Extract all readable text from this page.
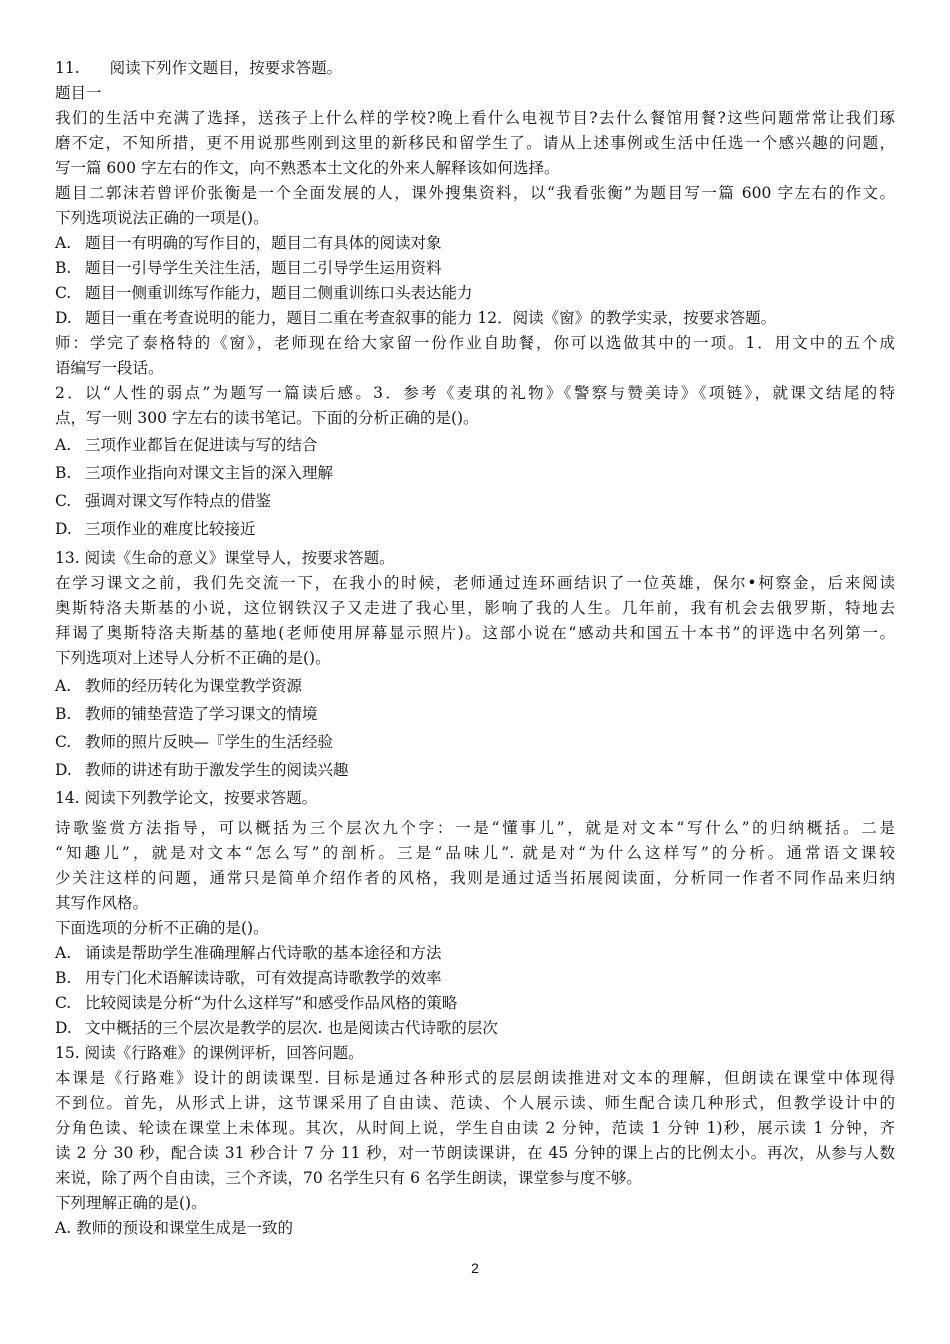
11. 阅读下列作文题目，按要求答题。
题目一
我们的生活中充满了选择，送孩子上什么样的学校?晚上看什么电视节目?去什么餐馆用餐?这些问题常常让我们琢
磨不定，不知所措，更不用说那些刚到这里的新移民和留学生了。请从上述事例或生活中任选一个感兴趣的问题，
写一篇 600 字左右的作文，向不熟悉本土文化的外来人解释该如何选择。
题目二郭沫若曾评价张衡是一个全面发展的人，课外搜集资料，以“我看张衡”为题目写一篇 600 字左右的作文。
下列选项说法正确的一项是()。
A. 题目一有明确的写作目的，题目二有具体的阅读对象
B. 题目一引导学生关注生活，题目二引导学生运用资料
C. 题目一侧重训练写作能力，题目二侧重训练口头表达能力
D. 题目一重在考查说明的能力，题目二重在考查叙事的能力 12．阅读《窗》的教学实录，按要求答题。
师：学完了泰格特的《窗》，老师现在给大家留一份作业自助餐，你可以选做其中的一项。1．用文中的五个成
语编写一段话。
2．以“人性的弱点”为题写一篇读后感。3．参考《麦琪的礼物》《警察与赞美诗》《项链》，就课文结尾的特
点，写一则 300 字左右的读书笔记。下面的分析正确的是()。
A. 三项作业都旨在促进读与写的结合
B. 三项作业指向对课文主旨的深入理解
C. 强调对课文写作特点的借鉴
D. 三项作业的难度比较接近
13. 阅读《生命的意义》课堂导人，按要求答题。
在学习课文之前，我们先交流一下，在我小的时候，老师通过连环画结识了一位英雄，保尔•柯察金，后来阅读
奥斯特洛夫斯基的小说，这位钢铁汉子又走进了我心里，影响了我的人生。几年前，我有机会去俄罗斯，特地去
拜谒了奥斯特洛夫斯基的墓地(老师使用屏幕显示照片)。这部小说在“感动共和国五十本书”的评选中名列第一。
下列选项对上述导人分析不正确的是()。
A. 教师的经历转化为课堂教学资源
B. 教师的铺垫营造了学习课文的情境
C. 教师的照片反映—『学生的生活经验
D. 教师的讲述有助于激发学生的阅读兴趣
14. 阅读下列教学论文，按要求答题。
诗歌鉴赏方法指导，可以概括为三个层次九个字：一是“懂事儿”，就是对文本“写什么”的归纳概括。二是
“知趣儿”，就是对文本“怎么写”的剖析。三是“品味儿”. 就是对“为什么这样写”的分析。通常语文课较
少关注这样的问题，通常只是简单介绍作者的风格，我则是通过适当拓展阅读面，分析同一作者不同作品来归纳
其写作风格。
下面选项的分析不正确的是()。
A. 诵读是帮助学生准确理解占代诗歌的基本途径和方法
B. 用专门化术语解读诗歌，可有效提高诗歌教学的效率
C. 比较阅读是分析“为什么这样写”和感受作品风格的策略
D. 文中概括的三个层次是教学的层次. 也是阅读古代诗歌的层次
15. 阅读《行路难》的课例评析，回答问题。
本课是《行路难》设计的朗读课型. 目标是通过各种形式的层层朗读推进对文本的理解，但朗读在课堂中体现得
不到位。首先，从形式上讲，这节课采用了自由读、范读、个人展示读、师生配合读几种形式，但教学设计中的
分角色读、轮读在课堂上未体现。其次，从时间上说，学生自由读 2 分钟，范读 1 分钟 1)秒，展示读 1 分钟，齐
读 2 分 30 秒，配合读 31 秒合计 7 分 11 秒，对一节朗读课讲，在 45 分钟的课上占的比例太小。再次，从参与人数
来说，除了两个自由读，三个齐读，70 名学生只有 6 名学生朗读，课堂参与度不够。
下列理解正确的是()。
A. 教师的预设和课堂生成是一致的
2
